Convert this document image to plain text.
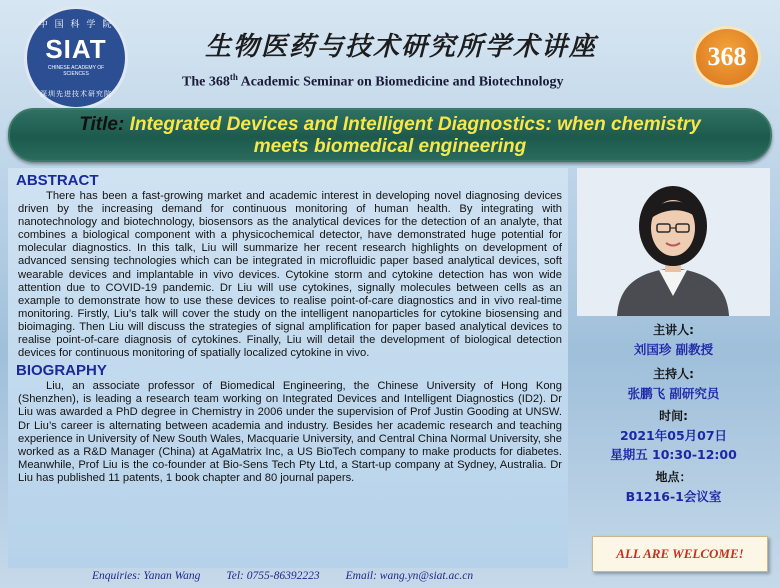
中 国 科 学 院
SIAT
CHINESE ACADEMY OF SCIENCES
深圳先进技术研究院
生物医药与技术研究所学术讲座
The 368th Academic Seminar on Biomedicine and Biotechnology
368
Title: Integrated Devices and Intelligent Diagnostics: when chemistry
meets biomedical engineering
ABSTRACT

There has been a fast-growing market and academic interest in developing novel diagnosing devices driven by the increasing demand for continuous monitoring of human health. By integrating with nanotechnology and biotechnology, biosensors as the analytical devices for the detection of an analyte, that combines a biological component with a physicochemical detector, have demonstrated huge potential for molecular diagnostics. In this talk, Liu will summarize her recent research highlights on development of advanced sensing technologies which can be integrated in microfluidic paper based analytical devices, soft wearable devices and implantable in vivo devices. Cytokine storm and cytokine detection has won wide attention due to COVID-19 pandemic. Dr Liu will use cytokines, signally molecules between cells as an example to demonstrate how to use these devices to realise point-of-care diagnostics and in vivo real-time monitoring. Firstly, Liu’s talk will cover the study on the intelligent nanoparticles for cytokine biosensing and bioimaging. Then Liu will discuss the strategies of signal amplification for paper based analytical devices to realise point-of-care diagnosis of cytokines. Finally, Liu will detail the development of biological detection devices for continuous monitoring of spatially localized cytokine in vivo.

BIOGRAPHY

Liu, an associate professor of Biomedical Engineering, the Chinese University of Hong Kong (Shenzhen), is leading a research team working on Integrated Devices and Intelligent Diagnostics (ID2). Dr Liu was awarded a PhD degree in Chemistry in 2006 under the supervision of Prof Justin Gooding at UNSW. Dr Liu’s career is alternating between academia and industry. Besides her academic research and teaching experience in University of New South Wales, Macquarie University, and Central China Normal University, she worked as a R&D Manager (China) at AgaMatrix Inc, a US BioTech company to make products for diabetes. Meanwhile, Prof Liu is the co-founder at Bio-Sens Tech Pty Ltd, a Start-up company at Sydney, Australia. Dr Liu has published 11 patents, 1 book chapter and 80 journal papers.

主讲人:
刘国珍 副教授
主持人:
张鹏飞 副研究员
时间:
2021年05月07日
星期五 10:30-12:00
地点：
B1216-1会议室
ALL ARE WELCOME!
Enquiries: Yanan Wang Tel: 0755-86392223 Email: wang.yn@siat.ac.cn
